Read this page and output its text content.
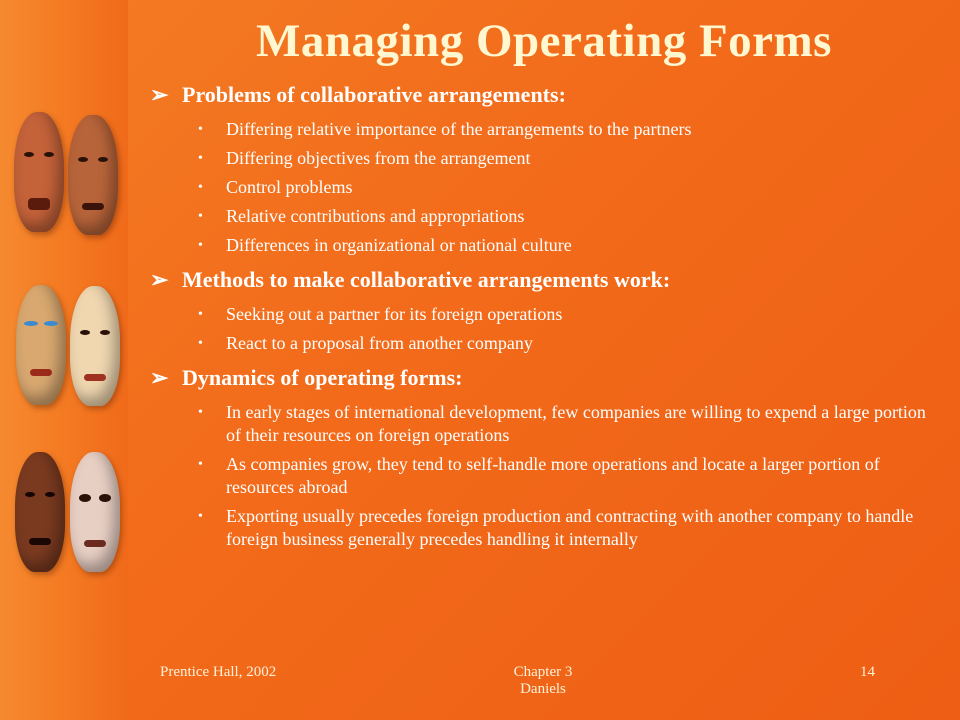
Managing Operating Forms
➢ Problems of collaborative arrangements:
• Differing relative importance of the arrangements to the partners
• Differing objectives from the arrangement
• Control problems
• Relative contributions and appropriations
• Differences in organizational or national culture
➢ Methods to make collaborative arrangements work:
• Seeking out a partner for its foreign operations
• React to a proposal from another company
➢ Dynamics of operating forms:
• In early stages of international development, few companies are willing to expend a large portion of their resources on foreign operations
• As companies grow, they tend to self-handle more operations and locate a larger portion of resources abroad
• Exporting usually precedes foreign production and contracting with another company to handle foreign business generally precedes handling it internally
Prentice Hall, 2002	Chapter 3
Daniels
14
